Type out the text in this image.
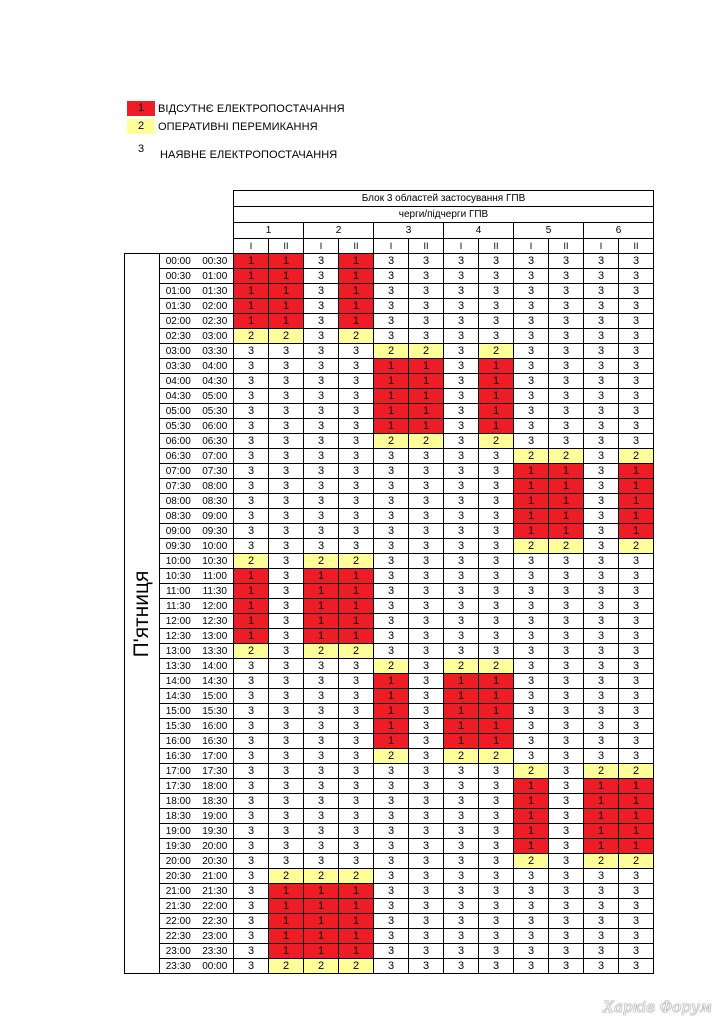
1	ВІДСУТНЄ ЕЛЕКТРОПОСТАЧАННЯ
2	ОПЕРАТИВНІ ПЕРЕМИКАННЯ
3
НАЯВНЕ ЕЛЕКТРОПОСТАЧАННЯ
			Блок 3 областей застосування ГПВ											
			черги/підчерги ГПВ											
			1		2		3		4		5		6	
			I	II	I	II	I	II	I	II	I	II	I	II

П'ятниця	00:00	00:30	1	1	3	1	3	3	3	3	3	3	3	3
	00:30	01:00	1	1	3	1	3	3	3	3	3	3	3	3
	01:00	01:30	1	1	3	1	3	3	3	3	3	3	3	3
	01:30	02:00	1	1	3	1	3	3	3	3	3	3	3	3
	02:00	02:30	1	1	3	1	3	3	3	3	3	3	3	3
	02:30	03:00	2	2	3	2	3	3	3	3	3	3	3	3
	03:00	03:30	3	3	3	3	2	2	3	2	3	3	3	3
	03:30	04:00	3	3	3	3	1	1	3	1	3	3	3	3
	04:00	04:30	3	3	3	3	1	1	3	1	3	3	3	3
	04:30	05:00	3	3	3	3	1	1	3	1	3	3	3	3
	05:00	05:30	3	3	3	3	1	1	3	1	3	3	3	3
	05:30	06:00	3	3	3	3	1	1	3	1	3	3	3	3
	06:00	06:30	3	3	3	3	2	2	3	2	3	3	3	3
	06:30	07:00	3	3	3	3	3	3	3	3	2	2	3	2
	07:00	07:30	3	3	3	3	3	3	3	3	1	1	3	1
	07:30	08:00	3	3	3	3	3	3	3	3	1	1	3	1
	08:00	08:30	3	3	3	3	3	3	3	3	1	1	3	1
	08:30	09:00	3	3	3	3	3	3	3	3	1	1	3	1
	09:00	09:30	3	3	3	3	3	3	3	3	1	1	3	1
	09:30	10:00	3	3	3	3	3	3	3	3	2	2	3	2
	10:00	10:30	2	3	2	2	3	3	3	3	3	3	3	3
	10:30	11:00	1	3	1	1	3	3	3	3	3	3	3	3
	11:00	11:30	1	3	1	1	3	3	3	3	3	3	3	3
	11:30	12:00	1	3	1	1	3	3	3	3	3	3	3	3
	12:00	12:30	1	3	1	1	3	3	3	3	3	3	3	3
	12:30	13:00	1	3	1	1	3	3	3	3	3	3	3	3
	13:00	13:30	2	3	2	2	3	3	3	3	3	3	3	3
	13:30	14:00	3	3	3	3	2	3	2	2	3	3	3	3
	14:00	14:30	3	3	3	3	1	3	1	1	3	3	3	3
	14:30	15:00	3	3	3	3	1	3	1	1	3	3	3	3
	15:00	15:30	3	3	3	3	1	3	1	1	3	3	3	3
	15:30	16:00	3	3	3	3	1	3	1	1	3	3	3	3
	16:00	16:30	3	3	3	3	1	3	1	1	3	3	3	3
	16:30	17:00	3	3	3	3	2	3	2	2	3	3	3	3
	17:00	17:30	3	3	3	3	3	3	3	3	2	3	2	2
	17:30	18:00	3	3	3	3	3	3	3	3	1	3	1	1
	18:00	18:30	3	3	3	3	3	3	3	3	1	3	1	1
	18:30	19:00	3	3	3	3	3	3	3	3	1	3	1	1
	19:00	19:30	3	3	3	3	3	3	3	3	1	3	1	1
	19:30	20:00	3	3	3	3	3	3	3	3	1	3	1	1
	20:00	20:30	3	3	3	3	3	3	3	3	2	3	2	2
	20:30	21:00	3	2	2	2	3	3	3	3	3	3	3	3
	21:00	21:30	3	1	1	1	3	3	3	3	3	3	3	3
	21:30	22:00	3	1	1	1	3	3	3	3	3	3	3	3
	22:00	22:30	3	1	1	1	3	3	3	3	3	3	3	3
	22:30	23:00	3	1	1	1	3	3	3	3	3	3	3	3
	23:00	23:30	3	1	1	1	3	3	3	3	3	3	3	3
	23:30	00:00	3	2	2	2	3	3	3	3	3	3	3	3
Харків Форум
